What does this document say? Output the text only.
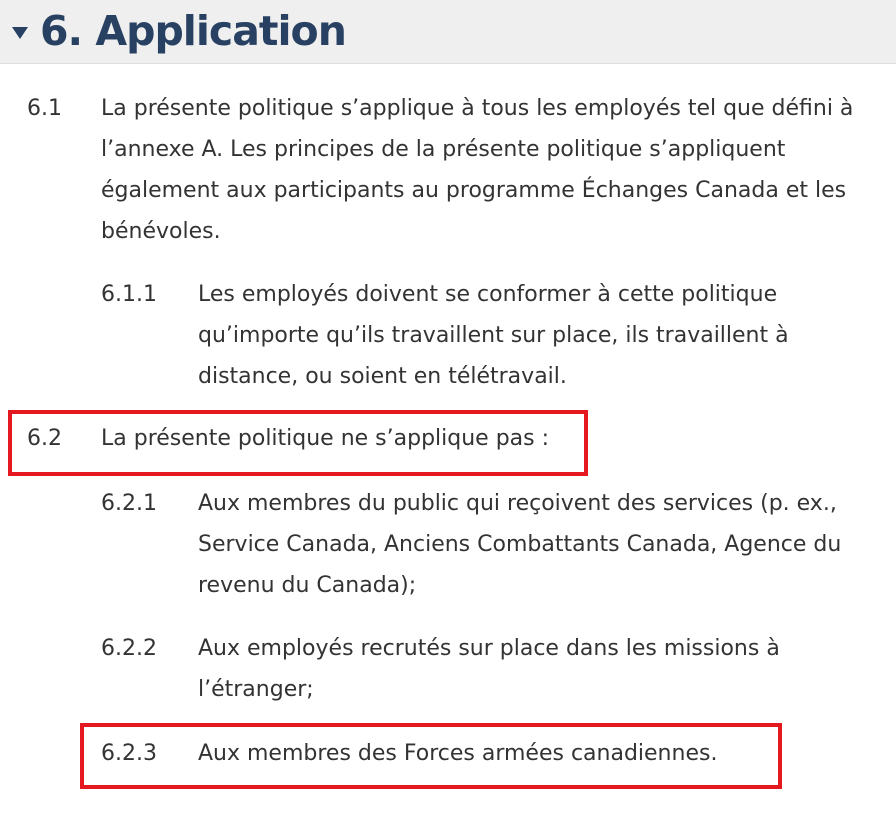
6. Application
6.1 La présente politique s’applique à tous les employés tel que défini à
l’annexe A. Les principes de la présente politique s’appliquent
également aux participants au programme Échanges Canada et les
bénévoles.
6.1.1 Les employés doivent se conformer à cette politique
qu’importe qu’ils travaillent sur place, ils travaillent à
distance, ou soient en télétravail.
6.2 La présente politique ne s’applique pas :
6.2.1 Aux membres du public qui reçoivent des services (p. ex.,
Service Canada, Anciens Combattants Canada, Agence du
revenu du Canada);
6.2.2 Aux employés recrutés sur place dans les missions à
l’étranger;
6.2.3 Aux membres des Forces armées canadiennes.
